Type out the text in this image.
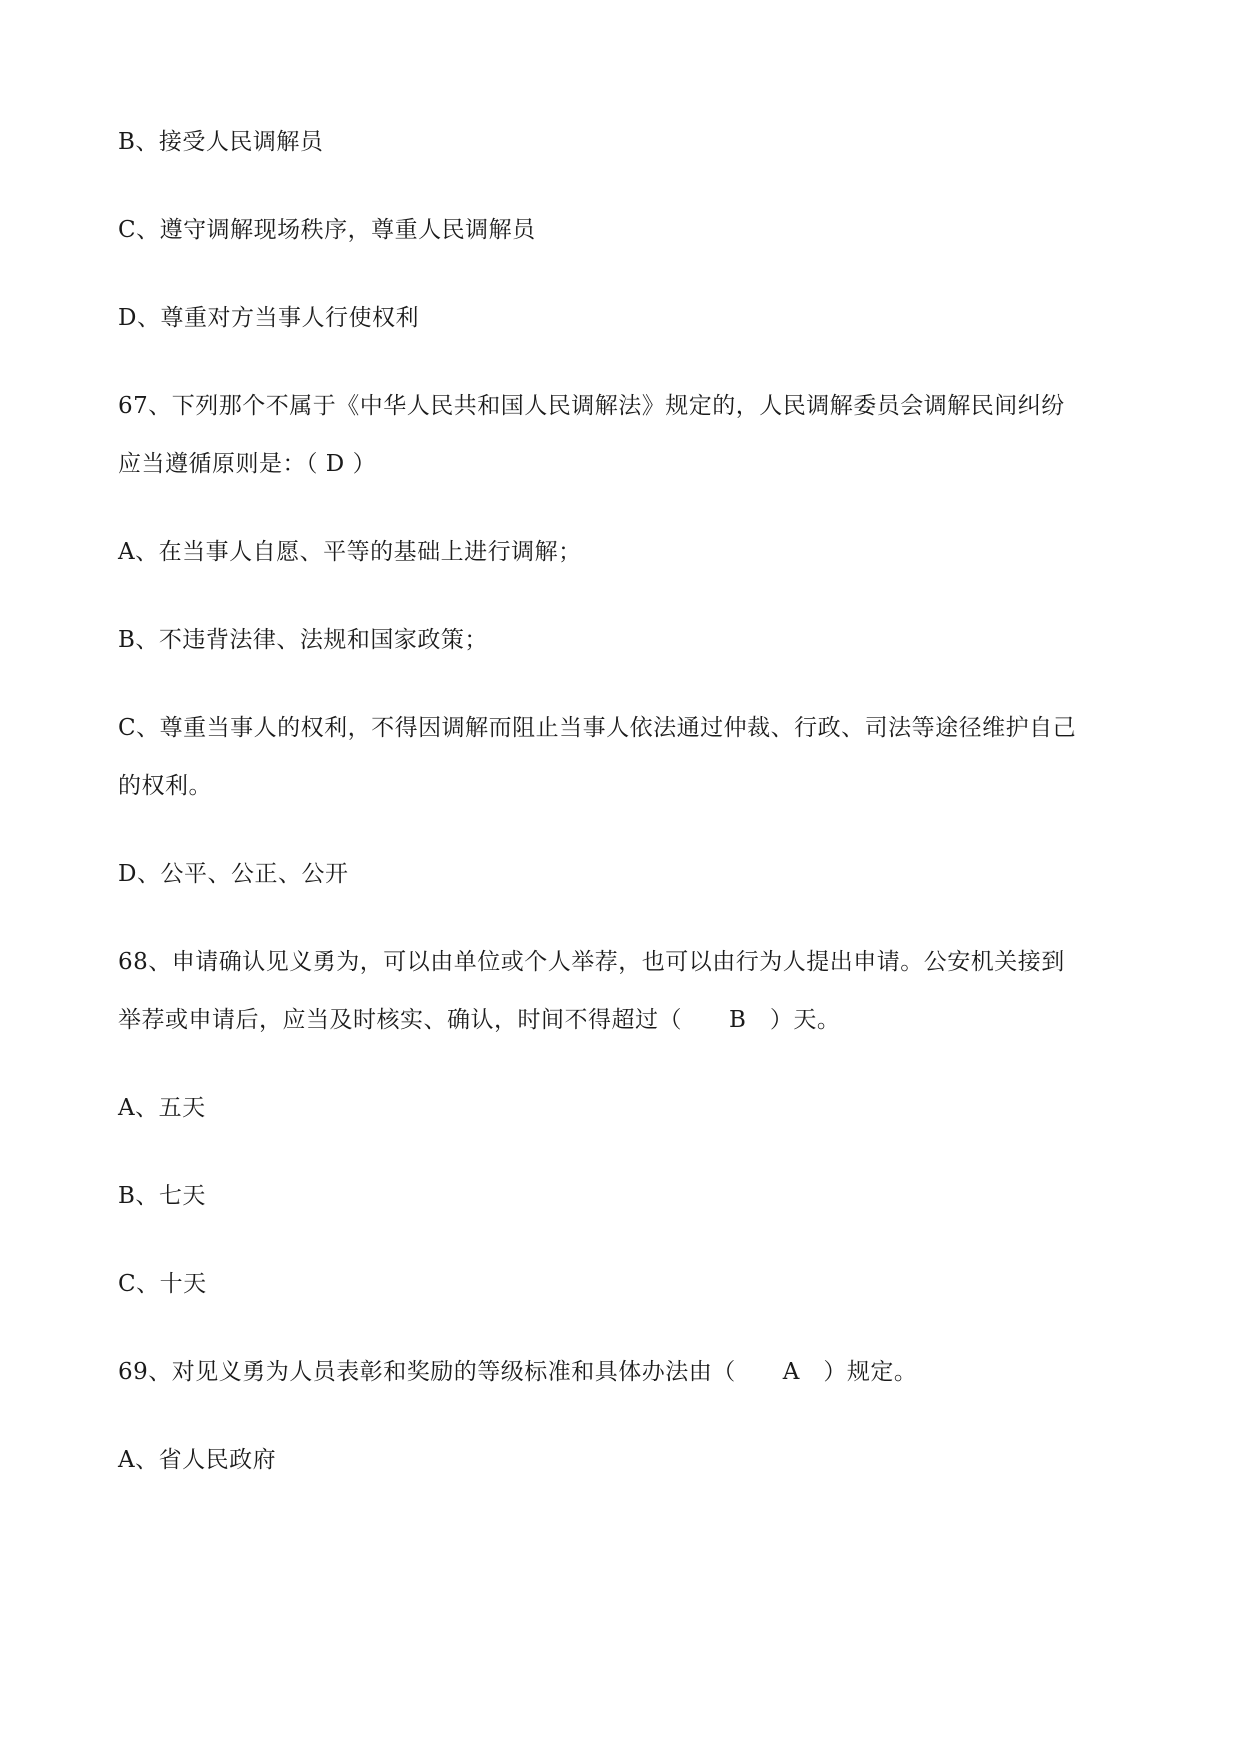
B、接受人民调解员
C、遵守调解现场秩序，尊重人民调解员
D、尊重对方当事人行使权利
67、下列那个不属于《中华人民共和国人民调解法》规定的，人民调解委员会调解民间纠纷
应当遵循原则是：（ D ）
A、在当事人自愿、平等的基础上进行调解；
B、不违背法律、法规和国家政策；
C、尊重当事人的权利，不得因调解而阻止当事人依法通过仲裁、行政、司法等途径维护自己
的权利。
D、公平、公正、公开
68、申请确认见义勇为，可以由单位或个人举荐，也可以由行为人提出申请。公安机关接到
举荐或申请后，应当及时核实、确认，时间不得超过（　　B　）天。
A、五天
B、七天
C、十天
69、对见义勇为人员表彰和奖励的等级标准和具体办法由（　　A　）规定。
A、省人民政府
